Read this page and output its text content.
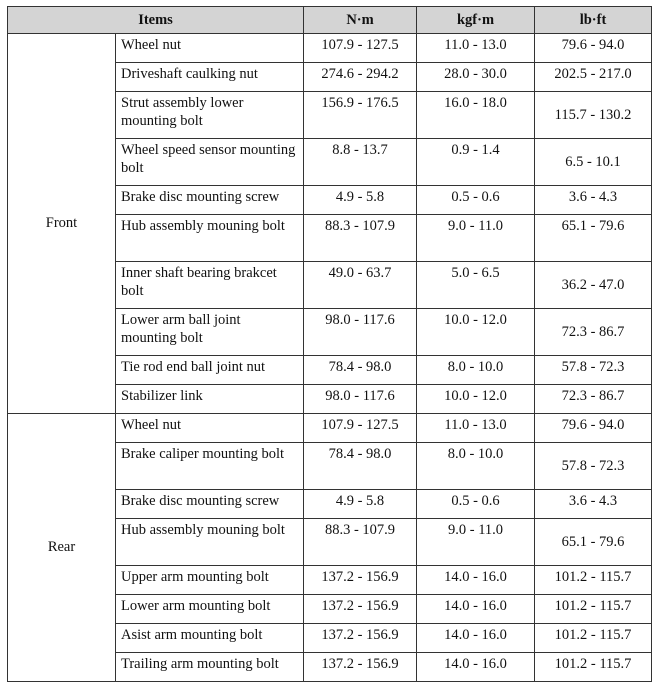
Items		N·m	kgf·m	lb·ft
Front	Wheel nut	107.9 - 127.5	11.0 - 13.0	79.6 - 94.0
	Driveshaft caulking nut	274.6 - 294.2	28.0 - 30.0	202.5 - 217.0
	Strut assembly lower mounting bolt	156.9 - 176.5	16.0 - 18.0	115.7 - 130.2
	Wheel speed sensor mounting bolt	8.8 - 13.7	0.9 - 1.4	6.5 - 10.1
	Brake disc mounting screw	4.9 - 5.8	0.5 - 0.6	3.6 - 4.3
	Hub assembly mouning bolt	88.3 - 107.9	9.0 - 11.0	65.1 - 79.6
	Inner shaft bearing brakcet bolt	49.0 - 63.7	5.0 - 6.5	36.2 - 47.0
	Lower arm ball joint mounting bolt	98.0 - 117.6	10.0 - 12.0	72.3 - 86.7
	Tie rod end ball joint nut	78.4 - 98.0	8.0 - 10.0	57.8 - 72.3
	Stabilizer link	98.0 - 117.6	10.0 - 12.0	72.3 - 86.7
Rear	Wheel nut	107.9 - 127.5	11.0 - 13.0	79.6 - 94.0
	Brake caliper mounting bolt	78.4 - 98.0	8.0 - 10.0	57.8 - 72.3
	Brake disc mounting screw	4.9 - 5.8	0.5 - 0.6	3.6 - 4.3
	Hub assembly mouning bolt	88.3 - 107.9	9.0 - 11.0	65.1 - 79.6
	Upper arm mounting bolt	137.2 - 156.9	14.0 - 16.0	101.2 - 115.7
	Lower arm mounting bolt	137.2 - 156.9	14.0 - 16.0	101.2 - 115.7
	Asist arm mounting bolt	137.2 - 156.9	14.0 - 16.0	101.2 - 115.7
	Trailing arm mounting bolt	137.2 - 156.9	14.0 - 16.0	101.2 - 115.7
